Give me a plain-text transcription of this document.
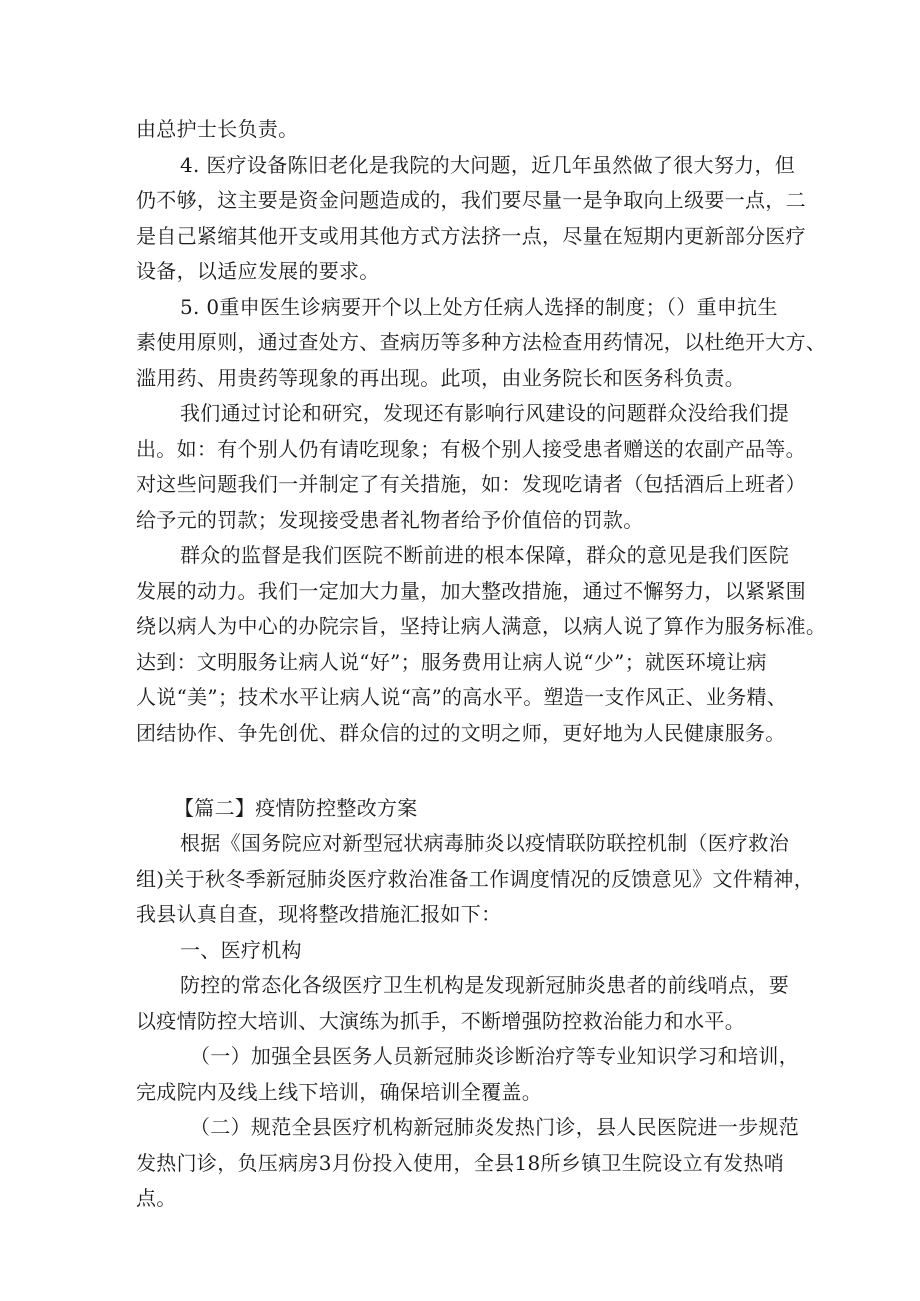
由总护士长负责。
4. 医疗设备陈旧老化是我院的大问题，近几年虽然做了很大努力，但
仍不够，这主要是资金问题造成的，我们要尽量一是争取向上级要一点，二
是自己紧缩其他开支或用其他方式方法挤一点，尽量在短期内更新部分医疗
设备，以适应发展的要求。
5. 0重申医生诊病要开个以上处方任病人选择的制度；（）重申抗生
素使用原则，通过查处方、查病历等多种方法检查用药情况，以杜绝开大方、
滥用药、用贵药等现象的再出现。此项，由业务院长和医务科负责。
我们通过讨论和研究，发现还有影响行风建设的问题群众没给我们提
出。如：有个别人仍有请吃现象；有极个别人接受患者赠送的农副产品等。
对这些问题我们一并制定了有关措施，如：发现吃请者（包括酒后上班者）
给予元的罚款；发现接受患者礼物者给予价值倍的罚款。
群众的监督是我们医院不断前进的根本保障，群众的意见是我们医院
发展的动力。我们一定加大力量，加大整改措施，通过不懈努力，以紧紧围
绕以病人为中心的办院宗旨，坚持让病人满意，以病人说了算作为服务标准。
达到：文明服务让病人说“好”；服务费用让病人说“少”；就医环境让病
人说“美”；技术水平让病人说“高”的高水平。塑造一支作风正、业务精、
团结协作、争先创优、群众信的过的文明之师，更好地为人民健康服务。
【篇二】疫情防控整改方案
根据《国务院应对新型冠状病毒肺炎以疫情联防联控机制（医疗救治
组)关于秋冬季新冠肺炎医疗救治准备工作调度情况的反馈意见》文件精神，
我县认真自查，现将整改措施汇报如下：
一、医疗机构
防控的常态化各级医疗卫生机构是发现新冠肺炎患者的前线哨点，要
以疫情防控大培训、大演练为抓手，不断增强防控救治能力和水平。
（一）加强全县医务人员新冠肺炎诊断治疗等专业知识学习和培训，
完成院内及线上线下培训，确保培训全覆盖。
（二）规范全县医疗机构新冠肺炎发热门诊，县人民医院进一步规范
发热门诊，负压病房3月份投入使用，全县18所乡镇卫生院设立有发热哨
点。
